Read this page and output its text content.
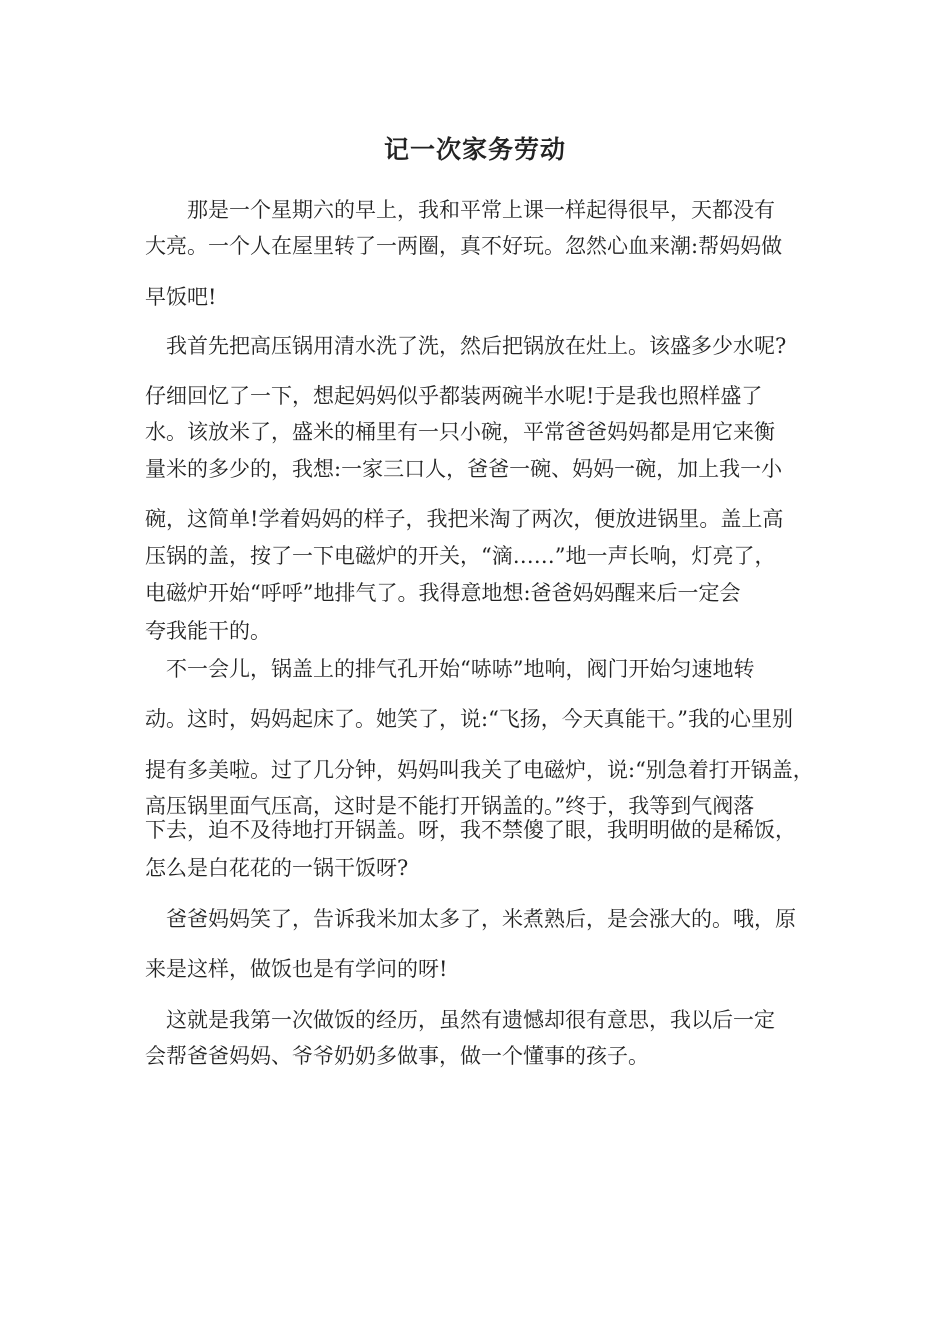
记一次家务劳动

　　那是一个星期六的早上，我和平常上课一样起得很早，天都没有

大亮。一个人在屋里转了一两圈，真不好玩。忽然心血来潮:帮妈妈做

早饭吧!

　我首先把高压锅用清水洗了洗，然后把锅放在灶上。该盛多少水呢?

仔细回忆了一下，想起妈妈似乎都装两碗半水呢!于是我也照样盛了

水。该放米了，盛米的桶里有一只小碗，平常爸爸妈妈都是用它来衡

量米的多少的，我想:一家三口人，爸爸一碗、妈妈一碗，加上我一小

碗，这简单!学着妈妈的样子，我把米淘了两次，便放进锅里。盖上高

压锅的盖，按了一下电磁炉的开关，“滴……”地一声长响，灯亮了，

电磁炉开始“呼呼”地排气了。我得意地想:爸爸妈妈醒来后一定会

夸我能干的。

　不一会儿，锅盖上的排气孔开始“哧哧”地响，阀门开始匀速地转

动。这时，妈妈起床了。她笑了，说:“飞扬，今天真能干。”我的心里别

提有多美啦。过了几分钟，妈妈叫我关了电磁炉，说:“别急着打开锅盖，

高压锅里面气压高，这时是不能打开锅盖的。”终于，我等到气阀落

下去，迫不及待地打开锅盖。呀，我不禁傻了眼，我明明做的是稀饭，

怎么是白花花的一锅干饭呀?

　爸爸妈妈笑了，告诉我米加太多了，米煮熟后，是会涨大的。哦，原

来是这样，做饭也是有学问的呀!

　这就是我第一次做饭的经历，虽然有遗憾却很有意思，我以后一定

会帮爸爸妈妈、爷爷奶奶多做事，做一个懂事的孩子。
